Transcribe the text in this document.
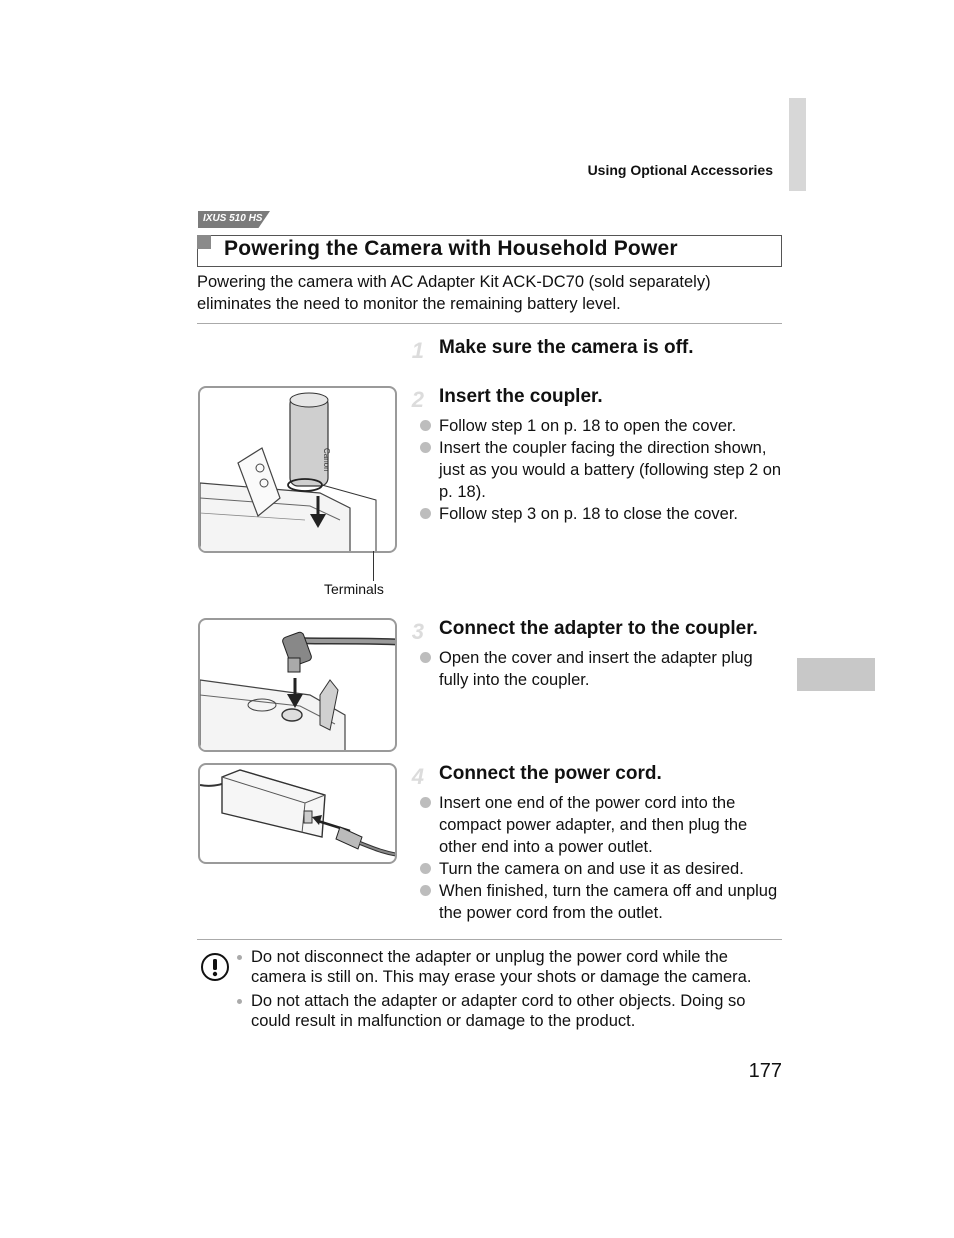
Using Optional Accessories
IXUS 510 HS
Powering the Camera with Household Power
Powering the camera with AC Adapter Kit ACK-DC70 (sold separately) eliminates the need to monitor the remaining battery level.
1 Make sure the camera is off.
2 Insert the coupler.
Follow step 1 on p. 18 to open the cover.
Insert the coupler facing the direction shown, just as you would a battery (following step 2 on p. 18).
Follow step 3 on p. 18 to close the cover.
Canon
Terminals
3 Connect the adapter to the coupler.
Open the cover and insert the adapter plug fully into the coupler.
4 Connect the power cord.
Insert one end of the power cord into the compact power adapter, and then plug the other end into a power outlet.
Turn the camera on and use it as desired.
When finished, turn the camera off and unplug the power cord from the outlet.
Do not disconnect the adapter or unplug the power cord while the camera is still on. This may erase your shots or damage the camera.
Do not attach the adapter or adapter cord to other objects. Doing so could result in malfunction or damage to the product.
177
